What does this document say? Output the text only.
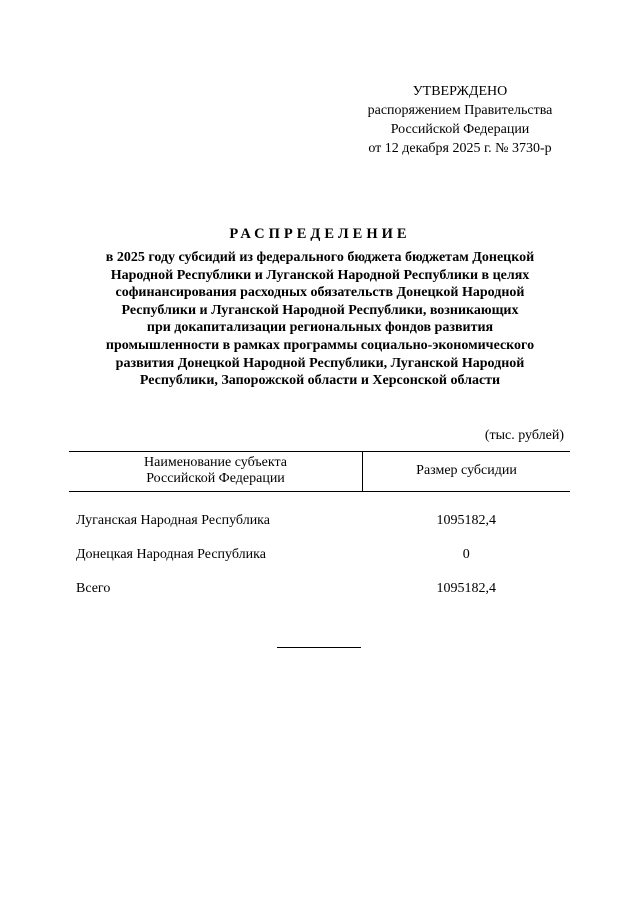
УТВЕРЖДЕНО
распоряжением Правительства
Российской Федерации
от 12 декабря 2025 г. № 3730-р
РАСПРЕДЕЛЕНИЕ
в 2025 году субсидий из федерального бюджета бюджетам Донецкой
Народной Республики и Луганской Народной Республики в целях
софинансирования расходных обязательств Донецкой Народной
Республики и Луганской Народной Республики, возникающих
при докапитализации региональных фондов развития
промышленности в рамках программы социально-экономического
развития Донецкой Народной Республики, Луганской Народной
Республики, Запорожской области и Херсонской области
(тыс. рублей)
Наименование субъекта
Российской Федерации	Размер субсидии
Луганская Народная Республика	1095182,4
Донецкая Народная Республика	0
Всего	1095182,4
